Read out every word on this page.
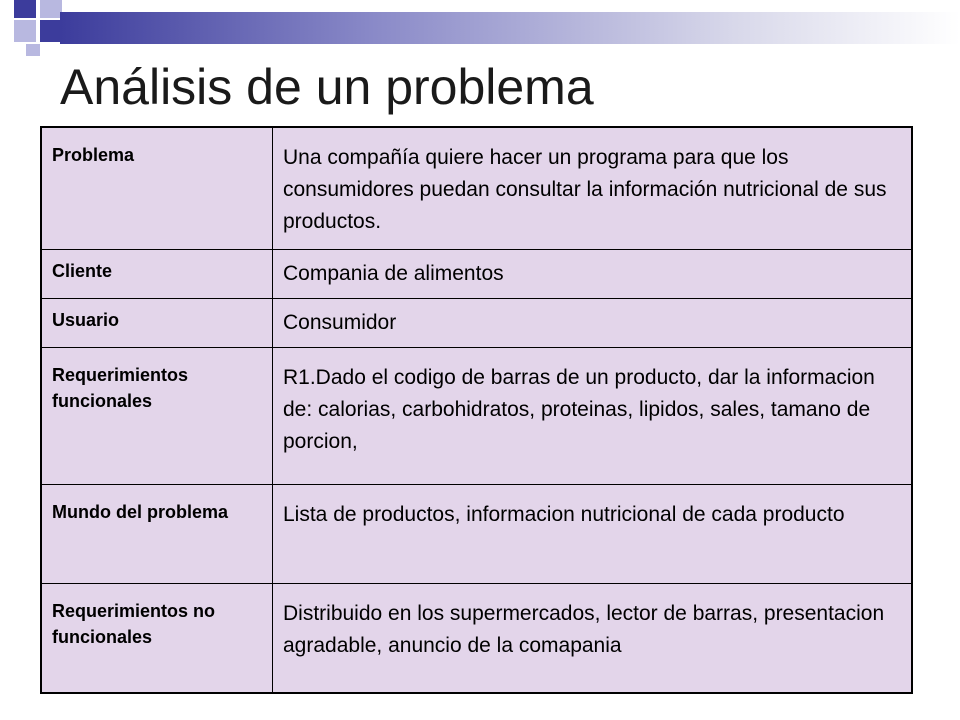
Análisis de un problema
Problema	Una compañía quiere hacer un programa para que los consumidores puedan consultar la información nutricional de sus productos.
Cliente	Compania de alimentos
Usuario	Consumidor
Requerimientos funcionales	R1.Dado el codigo de barras de un producto, dar la informacion de: calorias, carbohidratos, proteinas, lipidos, sales, tamano de porcion,
Mundo del problema	Lista de productos, informacion nutricional de cada producto
Requerimientos no funcionales	Distribuido en los supermercados, lector de barras, presentacion agradable, anuncio de la comapania
